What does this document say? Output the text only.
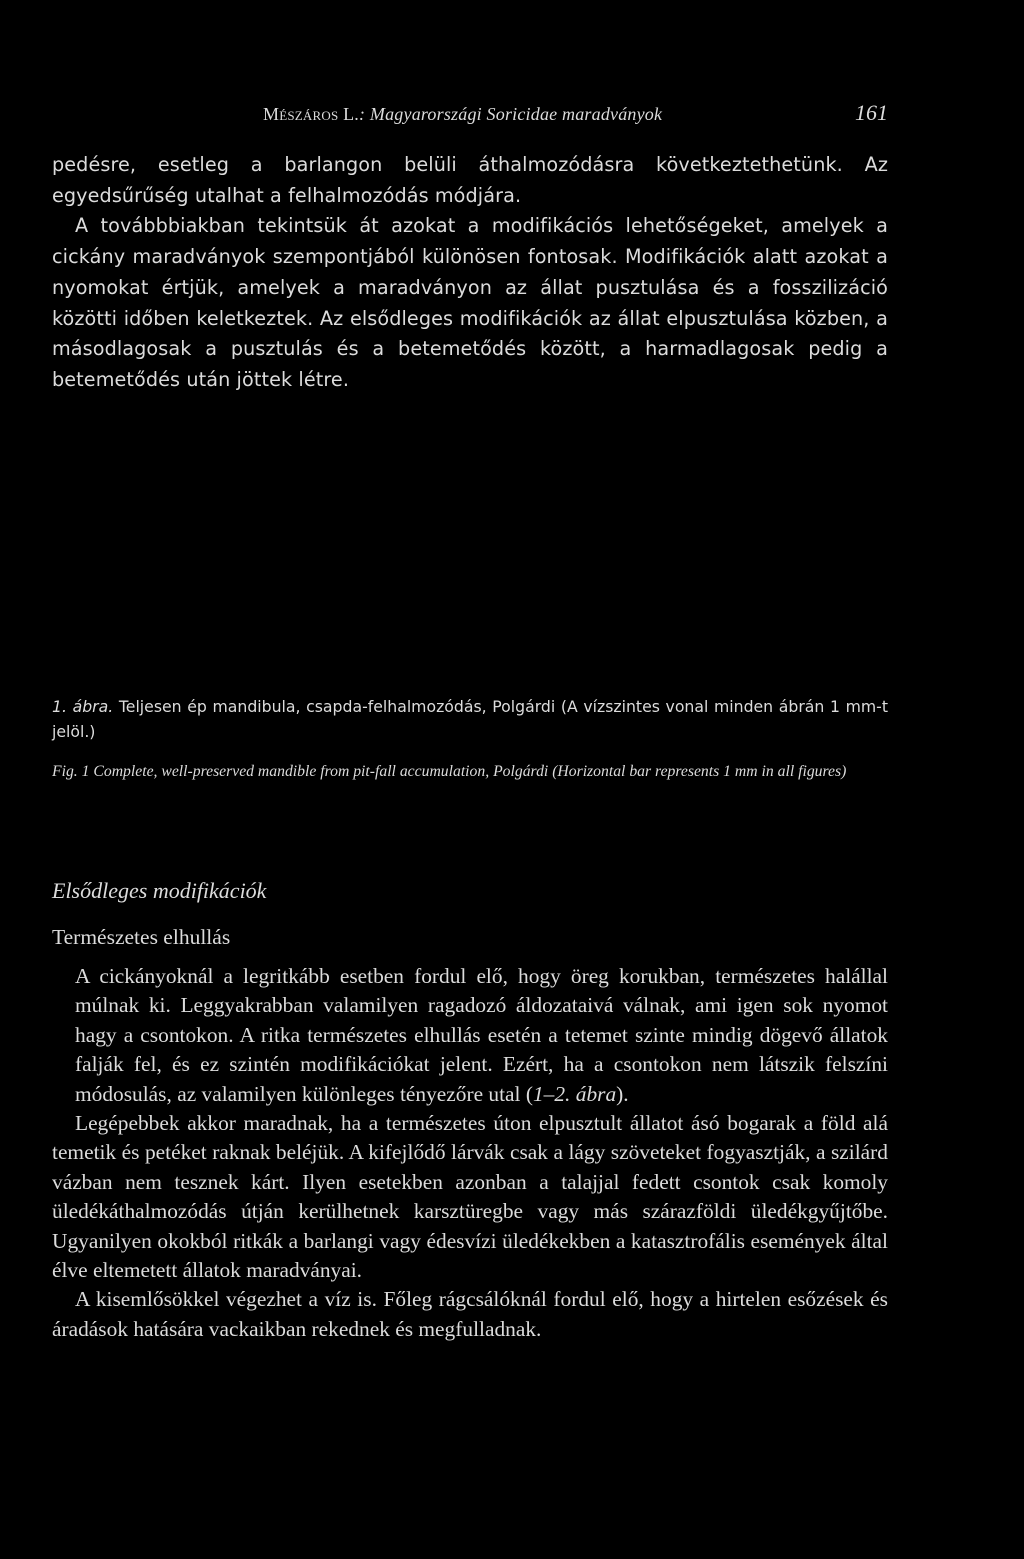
Mészáros L.: Magyarországi Soricidae maradványok	161

pedésre, esetleg a barlangon belüli áthalmozódásra következtethetünk. Az egyedsűrűség utalhat a felhalmozódás módjára.

A továbbbiakban tekintsük át azokat a modifikációs lehetőségeket, amelyek a cickány maradványok szempontjából különösen fontosak. Modifikációk alatt azokat a nyomokat értjük, amelyek a maradványon az állat pusztulása és a fosszilizáció közötti időben keletkeztek. Az elsődleges modifikációk az állat elpusztulása közben, a másodlagosak a pusztulás és a betemetődés között, a harmadlagosak pedig a betemetődés után jöttek létre.

1. ábra. Teljesen ép mandibula, csapda-felhalmozódás, Polgárdi (A vízszintes vonal minden ábrán 1 mm-t jelöl.)
Fig. 1 Complete, well-preserved mandible from pit-fall accumulation, Polgárdi (Horizontal bar represents 1 mm in all figures)
Elsődleges modifikációk
Természetes elhullás

A cickányoknál a legritkább esetben fordul elő, hogy öreg korukban, természetes halállal múlnak ki. Leggyakrabban valamilyen ragadozó áldozataivá válnak, ami igen sok nyomot hagy a csontokon. A ritka természetes elhullás esetén a tetemet szinte mindig dögevő állatok falják fel, és ez szintén modifikációkat jelent. Ezért, ha a csontokon nem látszik felszíni módosulás, az valamilyen különleges tényezőre utal (1–2. ábra).

Legépebbek akkor maradnak, ha a természetes úton elpusztult állatot ásó bogarak a föld alá temetik és petéket raknak beléjük. A kifejlődő lárvák csak a lágy szöveteket fogyasztják, a szilárd vázban nem tesznek kárt. Ilyen esetekben azonban a talajjal fedett csontok csak komoly üledékáthalmozódás útján kerülhetnek karsztüregbe vagy más szárazföldi üledékgyűjtőbe. Ugyanilyen okokból ritkák a barlangi vagy édesvízi üledékekben a katasztrofális események által élve eltemetett állatok maradványai.

A kisemlősökkel végezhet a víz is. Főleg rágcsálóknál fordul elő, hogy a hirtelen esőzések és áradások hatására vackaikban rekednek és megfulladnak.
